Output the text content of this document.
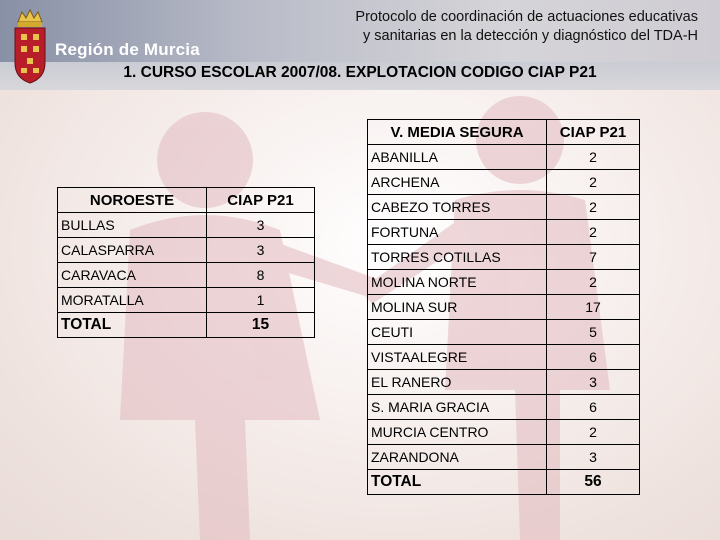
Región de Murcia
Protocolo de coordinación de actuaciones educativas
y sanitarias en la detección y diagnóstico del TDA-H
1. CURSO ESCOLAR 2007/08. EXPLOTACION CODIGO CIAP P21
NOROESTE	CIAP P21
BULLAS	3
CALASPARRA	3
CARAVACA	8
MORATALLA	1
TOTAL	15
V. MEDIA SEGURA	CIAP P21
ABANILLA	2
ARCHENA	2
CABEZO TORRES	2
FORTUNA	2
TORRES COTILLAS	7
MOLINA NORTE	2
MOLINA SUR	17
CEUTI	5
VISTAALEGRE	6
EL RANERO	3
S. MARIA GRACIA	6
MURCIA CENTRO	2
ZARANDONA	3
TOTAL	56
